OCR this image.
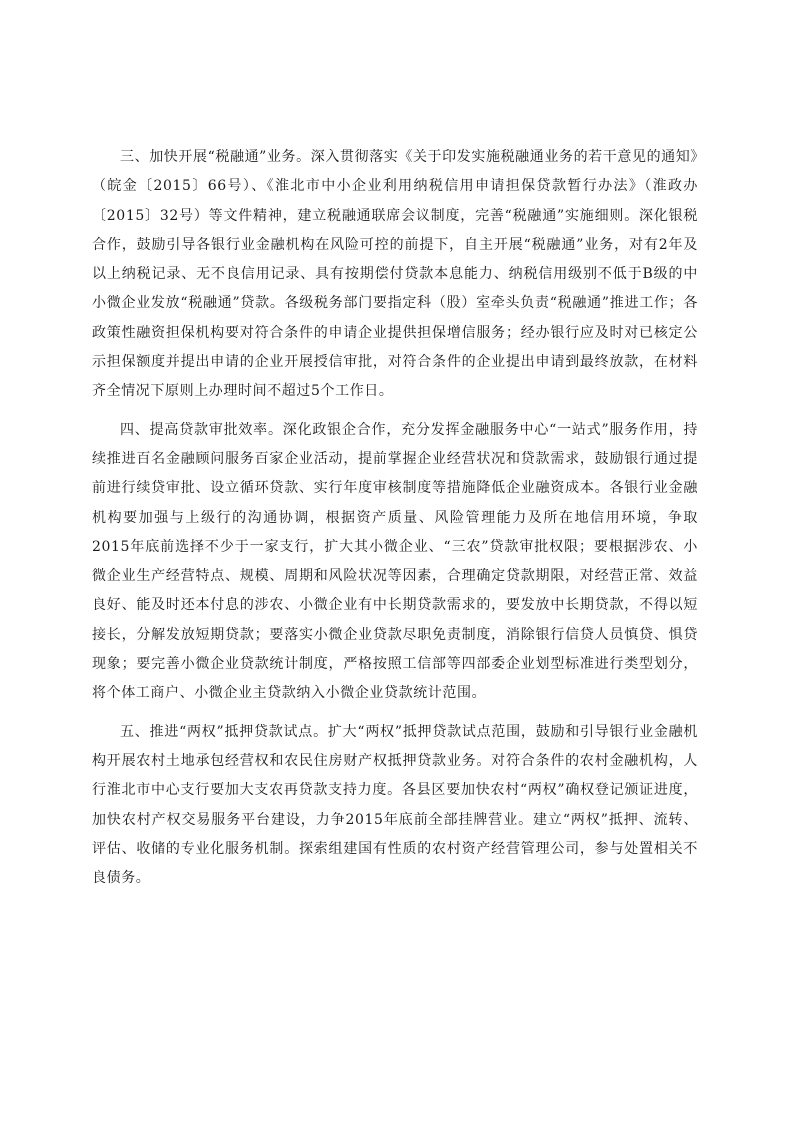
三、加快开展“税融通”业务。深入贯彻落实《关于印发实施税融通业务的若干意见的通知》（皖金〔2015〕66号）、《淮北市中小企业利用纳税信用申请担保贷款暂行办法》（淮政办〔2015〕32号）等文件精神，建立税融通联席会议制度，完善“税融通”实施细则。深化银税合作，鼓励引导各银行业金融机构在风险可控的前提下，自主开展“税融通”业务，对有2年及以上纳税记录、无不良信用记录、具有按期偿付贷款本息能力、纳税信用级别不低于B级的中小微企业发放“税融通”贷款。各级税务部门要指定科（股）室牵头负责“税融通”推进工作；各政策性融资担保机构要对符合条件的申请企业提供担保增信服务；经办银行应及时对已核定公示担保额度并提出申请的企业开展授信审批，对符合条件的企业提出申请到最终放款，在材料齐全情况下原则上办理时间不超过5个工作日。

四、提高贷款审批效率。深化政银企合作，充分发挥金融服务中心“一站式”服务作用，持续推进百名金融顾问服务百家企业活动，提前掌握企业经营状况和贷款需求，鼓励银行通过提前进行续贷审批、设立循环贷款、实行年度审核制度等措施降低企业融资成本。各银行业金融机构要加强与上级行的沟通协调，根据资产质量、风险管理能力及所在地信用环境，争取2015年底前选择不少于一家支行，扩大其小微企业、“三农”贷款审批权限；要根据涉农、小微企业生产经营特点、规模、周期和风险状况等因素，合理确定贷款期限，对经营正常、效益良好、能及时还本付息的涉农、小微企业有中长期贷款需求的，要发放中长期贷款，不得以短接长，分解发放短期贷款；要落实小微企业贷款尽职免责制度，消除银行信贷人员慎贷、惧贷现象；要完善小微企业贷款统计制度，严格按照工信部等四部委企业划型标准进行类型划分，将个体工商户、小微企业主贷款纳入小微企业贷款统计范围。

五、推进“两权”抵押贷款试点。扩大“两权”抵押贷款试点范围，鼓励和引导银行业金融机构开展农村土地承包经营权和农民住房财产权抵押贷款业务。对符合条件的农村金融机构，人行淮北市中心支行要加大支农再贷款支持力度。各县区要加快农村“两权”确权登记颁证进度，加快农村产权交易服务平台建设，力争2015年底前全部挂牌营业。建立“两权”抵押、流转、评估、收储的专业化服务机制。探索组建国有性质的农村资产经营管理公司，参与处置相关不良债务。
